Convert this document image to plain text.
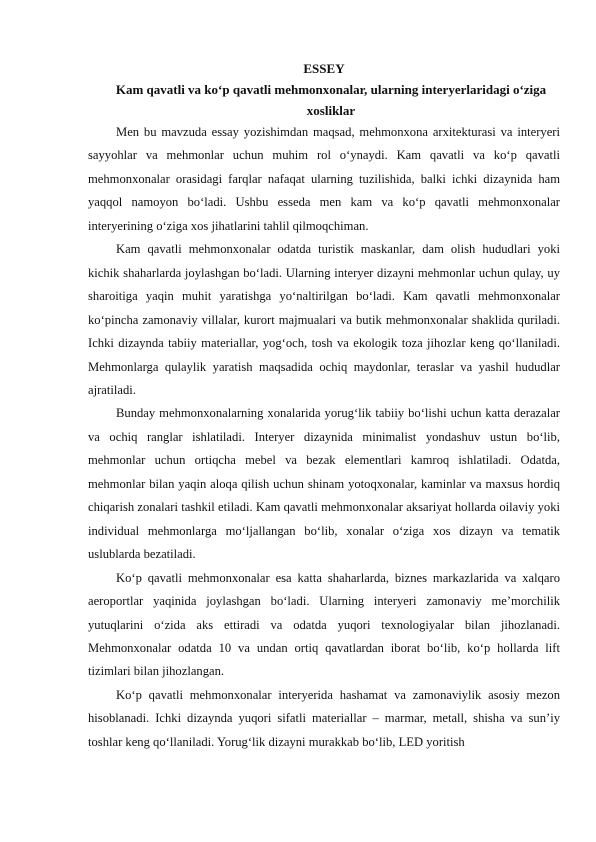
ESSEY

Kam qavatli va ko‘p qavatli mehmonxonalar, ularning interyerlaridagi o‘ziga xosliklar

Men bu mavzuda essay yozishimdan maqsad, mehmonxona arxitekturasi va interyeri sayyohlar va mehmonlar uchun muhim rol o‘ynaydi. Kam qavatli va ko‘p qavatli mehmonxonalar orasidagi farqlar nafaqat ularning tuzilishida, balki ichki dizaynida ham yaqqol namoyon bo‘ladi. Ushbu esseda men kam va ko‘p qavatli mehmonxonalar interyerining o‘ziga xos jihatlarini tahlil qilmoqchiman.

Kam qavatli mehmonxonalar odatda turistik maskanlar, dam olish hududlari yoki kichik shaharlarda joylashgan bo‘ladi. Ularning interyer dizayni mehmonlar uchun qulay, uy sharoitiga yaqin muhit yaratishga yo‘naltirilgan bo‘ladi. Kam qavatli mehmonxonalar ko‘pincha zamonaviy villalar, kurort majmualari va butik mehmonxonalar shaklida quriladi. Ichki dizaynda tabiiy materiallar, yog‘och, tosh va ekologik toza jihozlar keng qo‘llaniladi. Mehmonlarga qulaylik yaratish maqsadida ochiq maydonlar, teraslar va yashil hududlar ajratiladi.

Bunday mehmonxonalarning xonalarida yorug‘lik tabiiy bo‘lishi uchun katta derazalar va ochiq ranglar ishlatiladi. Interyer dizaynida minimalist yondashuv ustun bo‘lib, mehmonlar uchun ortiqcha mebel va bezak elementlari kamroq ishlatiladi. Odatda, mehmonlar bilan yaqin aloqa qilish uchun shinam yotoqxonalar, kaminlar va maxsus hordiq chiqarish zonalari tashkil etiladi. Kam qavatli mehmonxonalar aksariyat hollarda oilaviy yoki individual mehmonlarga mo‘ljallangan bo‘lib, xonalar o‘ziga xos dizayn va tematik uslublarda bezatiladi.

Ko‘p qavatli mehmonxonalar esa katta shaharlarda, biznes markazlarida va xalqaro aeroportlar yaqinida joylashgan bo‘ladi. Ularning interyeri zamonaviy me’morchilik yutuqlarini o‘zida aks ettiradi va odatda yuqori texnologiyalar bilan jihozlanadi. Mehmonxonalar odatda 10 va undan ortiq qavatlardan iborat bo‘lib, ko‘p hollarda lift tizimlari bilan jihozlangan.

Ko‘p qavatli mehmonxonalar interyerida hashamat va zamonaviylik asosiy mezon hisoblanadi. Ichki dizaynda yuqori sifatli materiallar – marmar, metall, shisha va sun’iy toshlar keng qo‘llaniladi. Yorug‘lik dizayni murakkab bo‘lib, LED yoritish
